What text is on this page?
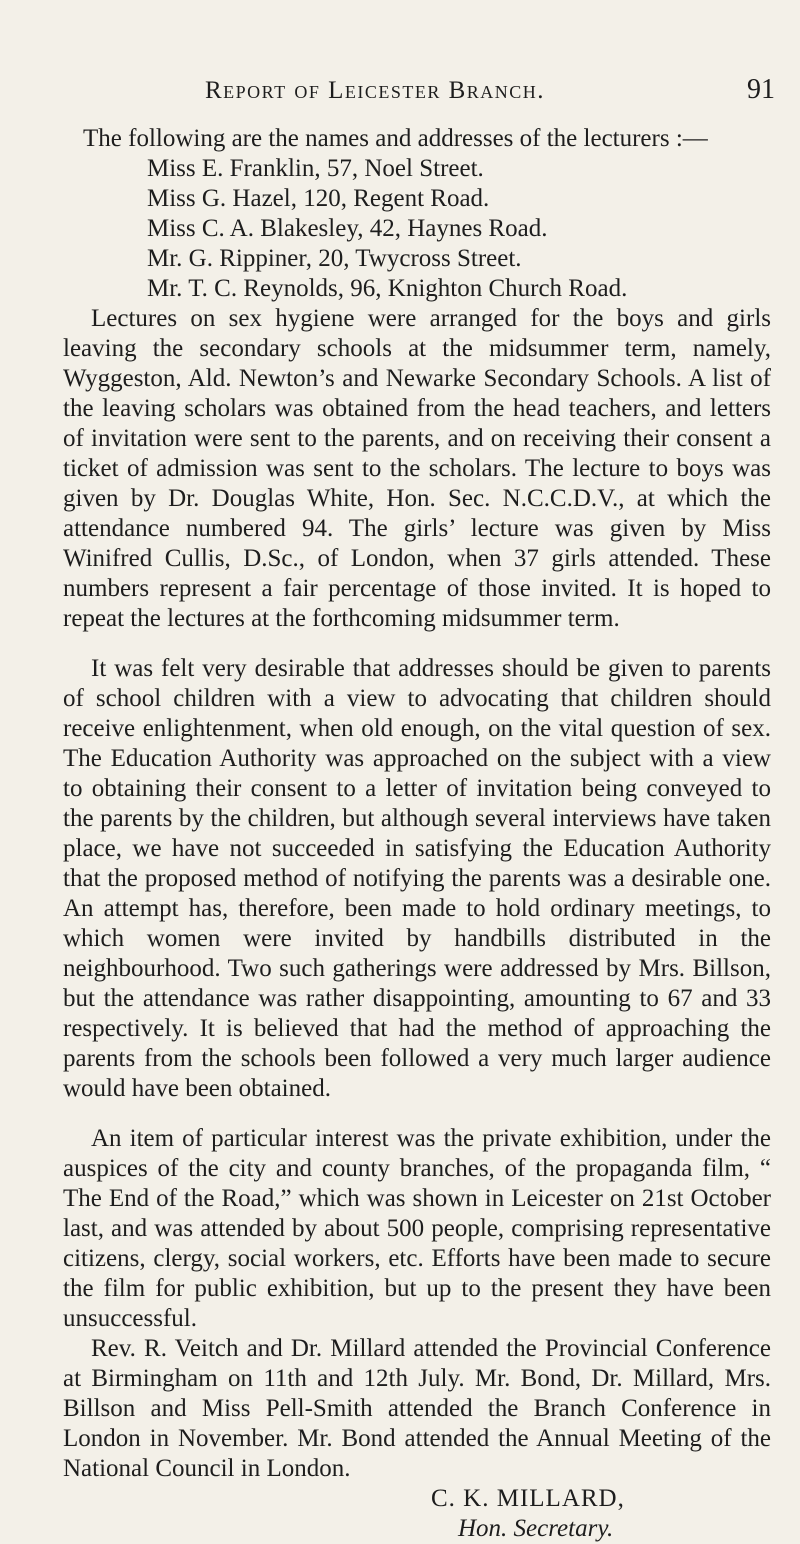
Report of Leicester Branch.	91

The following are the names and addresses of the lecturers :—

Miss E. Franklin, 57, Noel Street.
Miss G. Hazel, 120, Regent Road.
Miss C. A. Blakesley, 42, Haynes Road.
Mr. G. Rippiner, 20, Twycross Street.
Mr. T. C. Reynolds, 96, Knighton Church Road.

Lectures on sex hygiene were arranged for the boys and girls leaving the secondary schools at the midsummer term, namely, Wyggeston, Ald. Newton’s and Newarke Secondary Schools. A list of the leaving scholars was obtained from the head teachers, and letters of invitation were sent to the parents, and on receiving their consent a ticket of admission was sent to the scholars. The lecture to boys was given by Dr. Douglas White, Hon. Sec. N.C.C.D.V., at which the attendance numbered 94. The girls’ lecture was given by Miss Winifred Cullis, D.Sc., of London, when 37 girls attended. These numbers represent a fair percentage of those invited. It is hoped to repeat the lectures at the forthcoming midsummer term.

It was felt very desirable that addresses should be given to parents of school children with a view to advocating that children should receive enlightenment, when old enough, on the vital question of sex. The Education Authority was approached on the subject with a view to obtaining their consent to a letter of invitation being conveyed to the parents by the children, but although several interviews have taken place, we have not succeeded in satisfying the Education Authority that the proposed method of notifying the parents was a desirable one. An attempt has, therefore, been made to hold ordinary meetings, to which women were invited by handbills distributed in the neighbourhood. Two such gatherings were addressed by Mrs. Billson, but the attendance was rather disappointing, amounting to 67 and 33 respectively. It is believed that had the method of approaching the parents from the schools been followed a very much larger audience would have been obtained.

An item of particular interest was the private exhibition, under the auspices of the city and county branches, of the propaganda film, “ The End of the Road,” which was shown in Leicester on 21st October last, and was attended by about 500 people, comprising representative citizens, clergy, social workers, etc. Efforts have been made to secure the film for public exhibition, but up to the present they have been unsuccessful.

Rev. R. Veitch and Dr. Millard attended the Provincial Conference at Birmingham on 11th and 12th July. Mr. Bond, Dr. Millard, Mrs. Billson and Miss Pell-Smith attended the Branch Conference in London in November. Mr. Bond attended the Annual Meeting of the National Council in London.

C. K. MILLARD,

Hon. Secretary.
